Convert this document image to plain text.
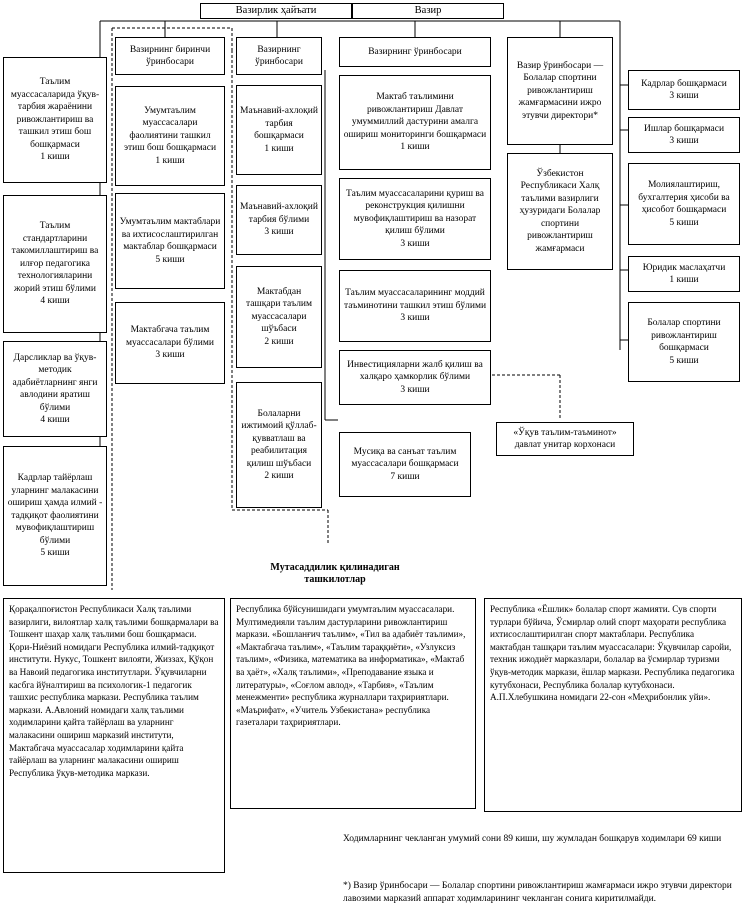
Вазирлик ҳайъати	Вазир
Таълим муассасаларида ўқув-тарбия жараёнини ривожлантириш ва ташкил этиш бош бошқармаси
1 киши
Таълим стандартларини такомиллаштириш ва илғор педагогика технологияларини жорий этиш бўлими
4 киши
Дарсликлар ва ўқув-методик адабиётларнинг янги авлодини яратиш бўлими
4 киши
Кадрлар тайёрлаш уларнинг малакасини ошириш ҳамда илмий - тадқиқот фаолиятини мувофиқлаштириш бўлими
5 киши
Вазирнинг биринчи ўринбосари
Умумтаълим муассасалари фаолиятини ташкил этиш бош бошқармаси
1 киши
Умумтаълим мактаблари ва ихтисослаштирилган мактаблар бошқармаси
5 киши
Мактабгача таълим муассасалари бўлими
3 киши
Вазирнинг ўринбосари
Маънавий-ахлоқий тарбия бошқармаси
1 киши
Маънавий-ахлоқий тарбия бўлими
3 киши
Мактабдан ташқари таълим муассасалари шўъбаси
2 киши
Болаларни ижтимоий қўллаб-қувватлаш ва реабилитация қилиш шўъбаси
2 киши
Вазирнинг ўринбосари
Мактаб таълимини ривожлантириш Давлат умуммиллий дастурини амалга ошириш мониторинги бошқармаси
1 киши
Таълим муассасаларини қуриш ва реконструкция қилишни мувофиқлаштириш ва назорат қилиш бўлими
3 киши
Таълим муассасаларининг моддий таъминотини ташкил этиш бўлими
3 киши
Инвестицияларни жалб қилиш ва халқаро ҳамкорлик бўлими
3 киши
Мусиқа ва санъат таълим муассасалари бошқармаси
7 киши
«Ўқув таълим-таъминот» давлат унитар корхонаси
Вазир ўринбосари — Болалар спортини ривожлантириш жамғармасини ижро этувчи директори*
Ўзбекистон Республикаси Халқ таълими вазирлиги ҳузуридаги Болалар спортини ривожлантириш жамғармаси
Кадрлар бошқармаси
3 киши
Ишлар бошқармаси
3 киши
Молиялаштириш, бухгалтерия ҳисоби ва ҳисобот бошқармаси
5 киши
Юридик маслаҳатчи
1 киши
Болалар спортини ривожлантириш бошқармаси
5 киши
Мутасаддилик қилинадиган ташкилотлар
Қорақалпоғистон Республикаси Халқ таълими вазирлиги, вилоятлар халқ таълими бошқармалари ва Тошкент шаҳар халқ таълими бош бошқармаси. Қори-Ниёзий номидаги Республика илмий-тадқиқот институти. Нукус, Тошкент вилояти, Жиззах, Қўқон ва Навоий педагогика институтлари. Ўқувчиларни касбга йўналтириш ва психологик-1 педагогик ташхис республика маркази. Республика таълим маркази. А.Авлоний номидаги халқ таълими ходимларини қайта тайёрлаш ва уларнинг малакасини ошириш марказий институти, Мактабгача муассасалар ходимларини қайта тайёрлаш ва уларнинг малакасини ошириш Республика ўқув-методика маркази.
Республика бўйсунишидаги умумтаълим муассасалари. Мултимедияли таълим дастурларини ривожлантириш маркази. «Бошланғич таълим», «Тил ва адабиёт таълими», «Мактабгача таълим», «Таълим тараққиёти», «Узлуксиз таълим», «Физика, математика ва информатика», «Мактаб ва ҳаёт», «Халқ таълими», «Преподавание языка и литературы», «Соғлом авлод», «Тарбия», «Таълим менежменти» республика журналлари таҳририятлари. «Маърифат», «Учитель Узбекистана» республика газеталари таҳририятлари.
Республика «Ёшлик» болалар спорт жамияти. Сув спорти турлари бўйича, Ўсмирлар олий спорт маҳорати республика ихтисослаштирилган спорт мактаблари. Республика мактабдан ташқари таълим муассасалари: Ўқувчилар саройи, техник ижодиёт марказлари, болалар ва ўсмирлар туризми ўқув-методик маркази, ёшлар маркази. Республика педагогика кутубхонаси, Республика болалар кутубхонаси. А.П.Хлебушкина номидаги 22-сон «Меҳрибонлик уйи».
Ходимларнинг чекланган умумий сони 89 киши, шу жумладан бошқарув ходимлари 69 киши
*) Вазир ўринбосари — Болалар спортини ривожлантириш жамғармаси ижро этувчи директори лавозими марказий аппарат ходимларининг чекланган сонига киритилмайди.
